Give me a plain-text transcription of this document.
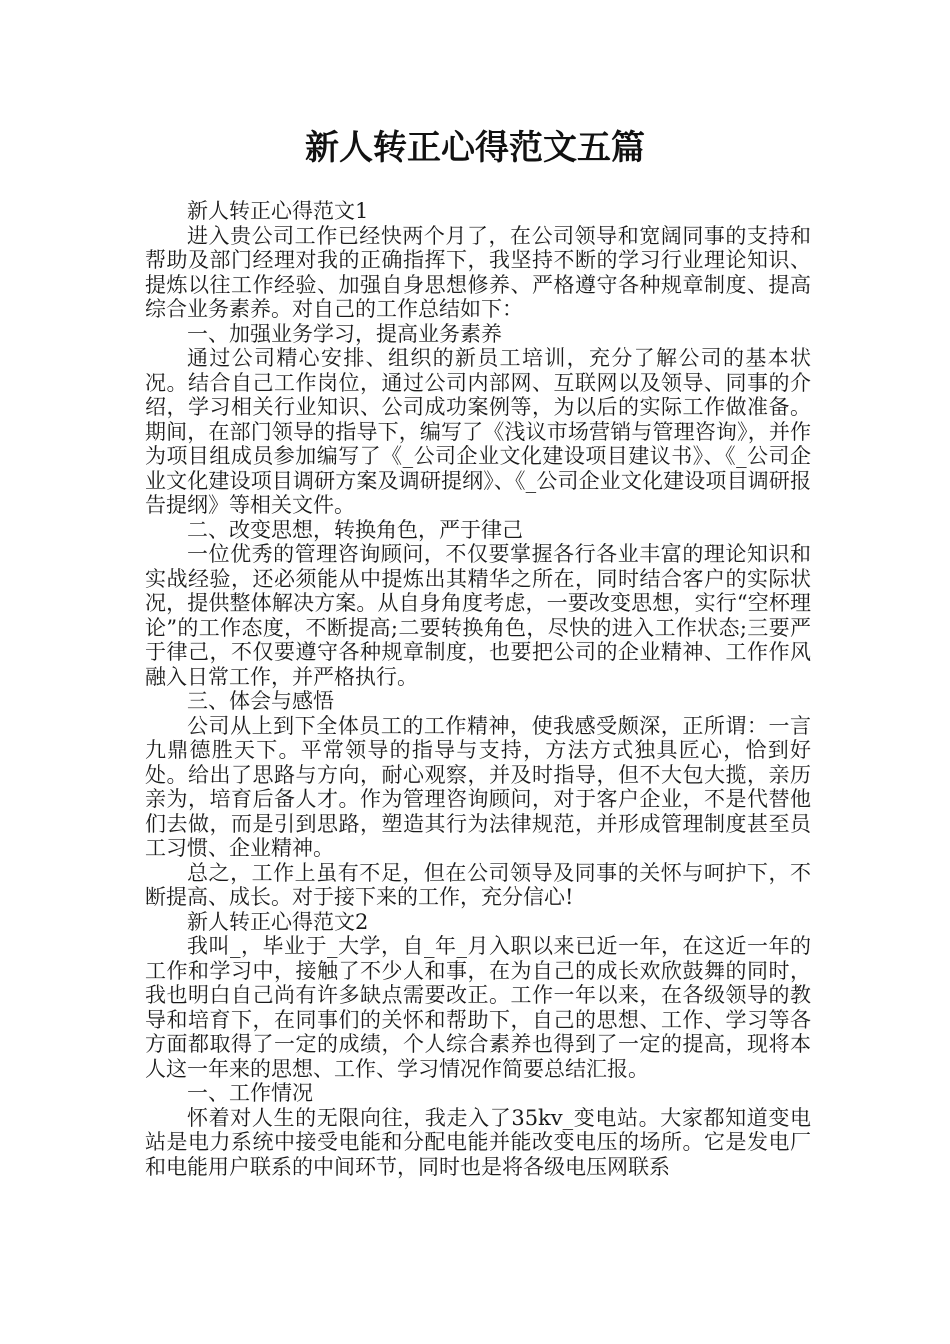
新人转正心得范文五篇

新人转正心得范文1

进入贵公司工作已经快两个月了，在公司领导和宽阔同事的支持和帮助及部门经理对我的正确指挥下，我坚持不断的学习行业理论知识、提炼以往工作经验、加强自身思想修养、严格遵守各种规章制度、提高综合业务素养。对自己的工作总结如下：

一、加强业务学习，提高业务素养

通过公司精心安排、组织的新员工培训，充分了解公司的基本状况。结合自己工作岗位，通过公司内部网、互联网以及领导、同事的介绍，学习相关行业知识、公司成功案例等，为以后的实际工作做准备。期间，在部门领导的指导下，编写了《浅议市场营销与管理咨询》，并作为项目组成员参加编写了《_公司企业文化建设项目建议书》、《_公司企业文化建设项目调研方案及调研提纲》、《_公司企业文化建设项目调研报告提纲》等相关文件。

二、改变思想，转换角色，严于律己

一位优秀的管理咨询顾问，不仅要掌握各行各业丰富的理论知识和实战经验，还必须能从中提炼出其精华之所在，同时结合客户的实际状况，提供整体解决方案。从自身角度考虑，一要改变思想，实行“空杯理论”的工作态度，不断提高;二要转换角色，尽快的进入工作状态;三要严于律己，不仅要遵守各种规章制度，也要把公司的企业精神、工作作风融入日常工作，并严格执行。

三、体会与感悟

公司从上到下全体员工的工作精神，使我感受颇深，正所谓：一言九鼎德胜天下。平常领导的指导与支持，方法方式独具匠心，恰到好处。给出了思路与方向，耐心观察，并及时指导，但不大包大揽，亲历亲为，培育后备人才。作为管理咨询顾问，对于客户企业，不是代替他们去做，而是引到思路，塑造其行为法律规范，并形成管理制度甚至员工习惯、企业精神。

总之，工作上虽有不足，但在公司领导及同事的关怀与呵护下，不断提高、成长。对于接下来的工作，充分信心!

新人转正心得范文2

我叫_，毕业于_大学，自_年_月入职以来已近一年，在这近一年的工作和学习中，接触了不少人和事，在为自己的成长欢欣鼓舞的同时，我也明白自己尚有许多缺点需要改正。工作一年以来，在各级领导的教导和培育下，在同事们的关怀和帮助下，自己的思想、工作、学习等各方面都取得了一定的成绩，个人综合素养也得到了一定的提高，现将本人这一年来的思想、工作、学习情况作简要总结汇报。

一、工作情况

怀着对人生的无限向往，我走入了35kv_变电站。大家都知道变电站是电力系统中接受电能和分配电能并能改变电压的场所。它是发电厂和电能用户联系的中间环节，同时也是将各级电压网联系
